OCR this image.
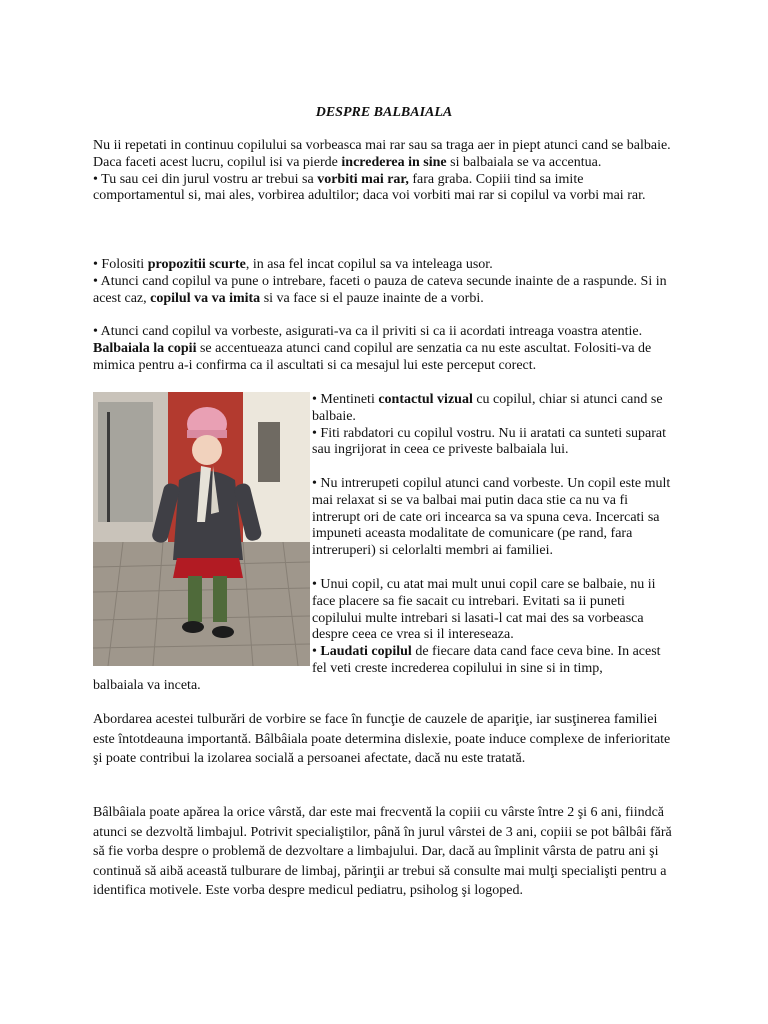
DESPRE BALBAIALA

Nu ii repetati in continuu copilului sa vorbeasca mai rar sau sa traga aer in piept atunci cand se balbaie. Daca faceti acest lucru, copilul isi va pierde increderea in sine si balbaiala se va accentua.

• Tu sau cei din jurul vostru ar trebui sa vorbiti mai rar, fara graba. Copiii tind sa imite comportamentul si, mai ales, vorbirea adultilor; daca voi vorbiti mai rar si copilul va vorbi mai rar.

• Folositi propozitii scurte, in asa fel incat copilul sa va inteleaga usor.

• Atunci cand copilul va pune o intrebare, faceti o pauza de cateva secunde inainte de a raspunde. Si in acest caz, copilul va va imita si va face si el pauze inainte de a vorbi.

• Atunci cand copilul va vorbeste, asigurati-va ca il priviti si ca ii acordati intreaga voastra atentie. Balbaiala la copii se accentueaza atunci cand copilul are senzatia ca nu este ascultat. Folositi-va de mimica pentru a-i confirma ca il ascultati si ca mesajul lui este perceput corect.

• Mentineti contactul vizual cu copilul, chiar si atunci cand se balbaie.

• Fiti rabdatori cu copilul vostru. Nu ii aratati ca sunteti suparat sau ingrijorat in ceea ce priveste balbaiala lui.

• Nu intrerupeti copilul atunci cand vorbeste. Un copil este mult mai relaxat si se va balbai mai putin daca stie ca nu va fi intrerupt ori de cate ori incearca sa va spuna ceva. Incercati sa impuneti aceasta modalitate de comunicare (pe rand, fara intreruperi) si celorlalti membri ai familiei.

• Unui copil, cu atat mai mult unui copil care se balbaie, nu ii face placere sa fie sacait cu intrebari. Evitati sa ii puneti copilului multe intrebari si lasati-l cat mai des sa vorbeasca despre ceea ce vrea si il intereseaza.

• Laudati copilul de fiecare data cand face ceva bine. In acest fel veti creste increderea copilului in sine si in timp,

balbaiala va inceta.
Abordarea acestei tulburări de vorbire se face în funcţie de cauzele de apariţie, iar susţinerea familiei este întotdeauna importantă. Bâlbâiala poate determina dislexie, poate induce complexe de inferioritate şi poate contribui la izolarea socială a persoanei afectate, dacă nu este tratată.
Bâlbâiala poate apărea la orice vârstă, dar este mai frecventă la copiii cu vârste între 2 şi 6 ani, fiindcă atunci se dezvoltă limbajul. Potrivit specialiştilor, până în jurul vârstei de 3 ani, copiii se pot bâlbâi fără să fie vorba despre o problemă de dezvoltare a limbajului. Dar, dacă au împlinit vârsta de patru ani şi continuă să aibă această tulburare de limbaj, părinţii ar trebui să consulte mai mulţi specialişti pentru a identifica motivele. Este vorba despre medicul pediatru, psiholog şi logoped.
